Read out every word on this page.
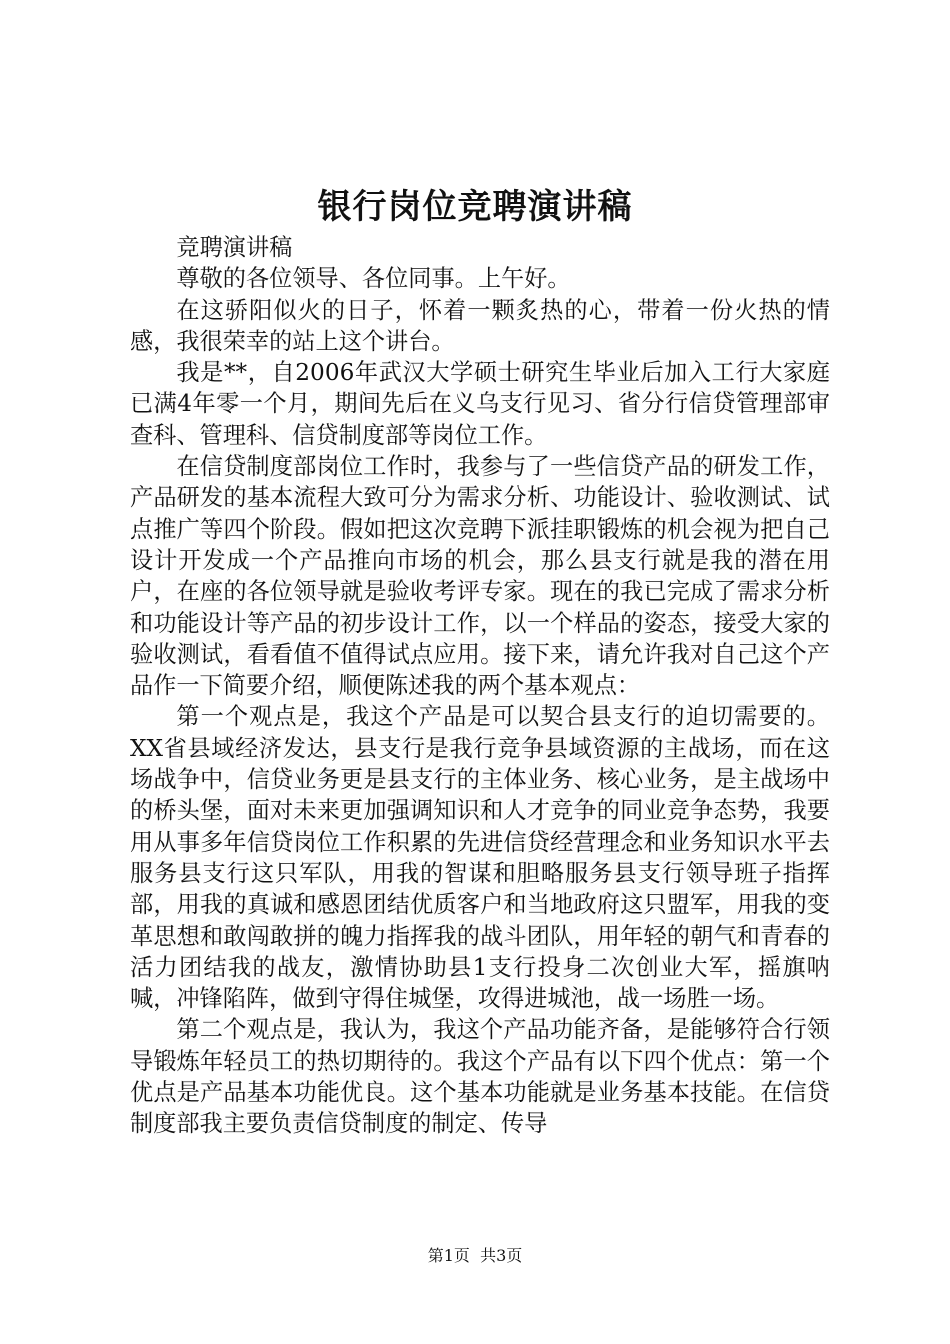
银行岗位竞聘演讲稿

竞聘演讲稿

尊敬的各位领导、各位同事。上午好。

在这骄阳似火的日子，怀着一颗炙热的心，带着一份火热的情感，我很荣幸的站上这个讲台。

我是**，自2006年武汉大学硕士研究生毕业后加入工行大家庭已满4年零一个月，期间先后在义乌支行见习、省分行信贷管理部审查科、管理科、信贷制度部等岗位工作。

在信贷制度部岗位工作时，我参与了一些信贷产品的研发工作，产品研发的基本流程大致可分为需求分析、功能设计、验收测试、试点推广等四个阶段。假如把这次竞聘下派挂职锻炼的机会视为把自己设计开发成一个产品推向市场的机会，那么县支行就是我的潜在用户，在座的各位领导就是验收考评专家。现在的我已完成了需求分析和功能设计等产品的初步设计工作，以一个样品的姿态，接受大家的验收测试，看看值不值得试点应用。接下来，请允许我对自己这个产品作一下简要介绍，顺便陈述我的两个基本观点：

第一个观点是，我这个产品是可以契合县支行的迫切需要的。XX省县域经济发达，县支行是我行竞争县域资源的主战场，而在这场战争中，信贷业务更是县支行的主体业务、核心业务，是主战场中的桥头堡，面对未来更加强调知识和人才竞争的同业竞争态势，我要用从事多年信贷岗位工作积累的先进信贷经营理念和业务知识水平去服务县支行这只军队，用我的智谋和胆略服务县支行领导班子指挥部，用我的真诚和感恩团结优质客户和当地政府这只盟军，用我的变革思想和敢闯敢拼的魄力指挥我的战斗团队，用年轻的朝气和青春的活力团结我的战友，激情协助县1支行投身二次创业大军，摇旗呐喊，冲锋陷阵，做到守得住城堡，攻得进城池，战一场胜一场。

第二个观点是，我认为，我这个产品功能齐备，是能够符合行领导锻炼年轻员工的热切期待的。我这个产品有以下四个优点：第一个优点是产品基本功能优良。这个基本功能就是业务基本技能。在信贷制度部我主要负责信贷制度的制定、传导

第1页  共3页
